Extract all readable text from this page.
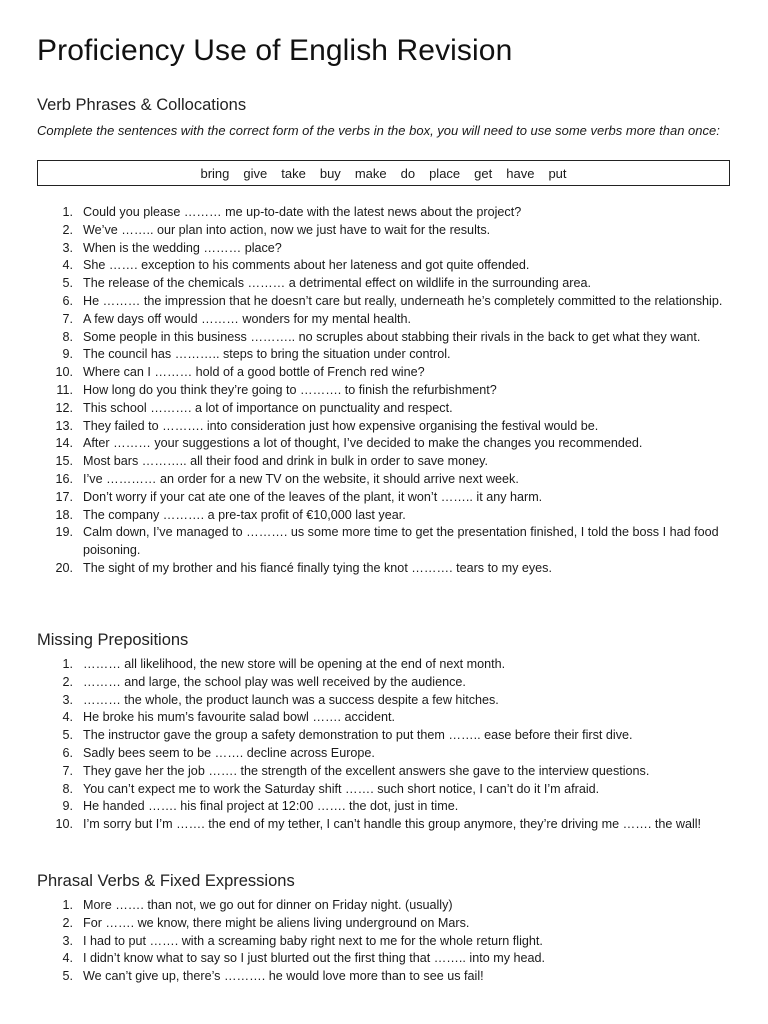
Proficiency Use of English Revision
Verb Phrases & Collocations

Complete the sentences with the correct form of the verbs in the box, you will need to use some verbs more than once:

bring give take buy make do place get have put
1. Could you please ……… me up-to-date with the latest news about the project?
2. We’ve …….. our plan into action, now we just have to wait for the results.
3. When is the wedding ……… place?
4. She ……. exception to his comments about her lateness and got quite offended.
5. The release of the chemicals ……… a detrimental effect on wildlife in the surrounding area.
6. He ……… the impression that he doesn’t care but really, underneath he’s completely committed to the relationship.
7. A few days off would ……… wonders for my mental health.
8. Some people in this business ……….. no scruples about stabbing their rivals in the back to get what they want.
9. The council has ……….. steps to bring the situation under control.
10. Where can I ……… hold of a good bottle of French red wine?
11. How long do you think they’re going to ………. to finish the refurbishment?
12. This school ………. a lot of importance on punctuality and respect.
13. They failed to ………. into consideration just how expensive organising the festival would be.
14. After ……… your suggestions a lot of thought, I’ve decided to make the changes you recommended.
15. Most bars ……….. all their food and drink in bulk in order to save money.
16. I’ve ………… an order for a new TV on the website, it should arrive next week.
17. Don’t worry if your cat ate one of the leaves of the plant, it won’t …….. it any harm.
18. The company ………. a pre-tax profit of €10,000 last year.
19. Calm down, I’ve managed to ………. us some more time to get the presentation finished, I told the boss I had food poisoning.
20. The sight of my brother and his fiancé finally tying the knot ………. tears to my eyes.
Missing Prepositions
1. ……… all likelihood, the new store will be opening at the end of next month.
2. ……… and large, the school play was well received by the audience.
3. ……… the whole, the product launch was a success despite a few hitches.
4. He broke his mum’s favourite salad bowl ……. accident.
5. The instructor gave the group a safety demonstration to put them …….. ease before their first dive.
6. Sadly bees seem to be ……. decline across Europe.
7. They gave her the job ……. the strength of the excellent answers she gave to the interview questions.
8. You can’t expect me to work the Saturday shift ……. such short notice, I can’t do it I’m afraid.
9. He handed ……. his final project at 12:00 ……. the dot, just in time.
10. I’m sorry but I’m ……. the end of my tether, I can’t handle this group anymore, they’re driving me ……. the wall!
Phrasal Verbs & Fixed Expressions
1. More ……. than not, we go out for dinner on Friday night. (usually)
2. For ……. we know, there might be aliens living underground on Mars.
3. I had to put ……. with a screaming baby right next to me for the whole return flight.
4. I didn’t know what to say so I just blurted out the first thing that …….. into my head.
5. We can’t give up, there’s ………. he would love more than to see us fail!
